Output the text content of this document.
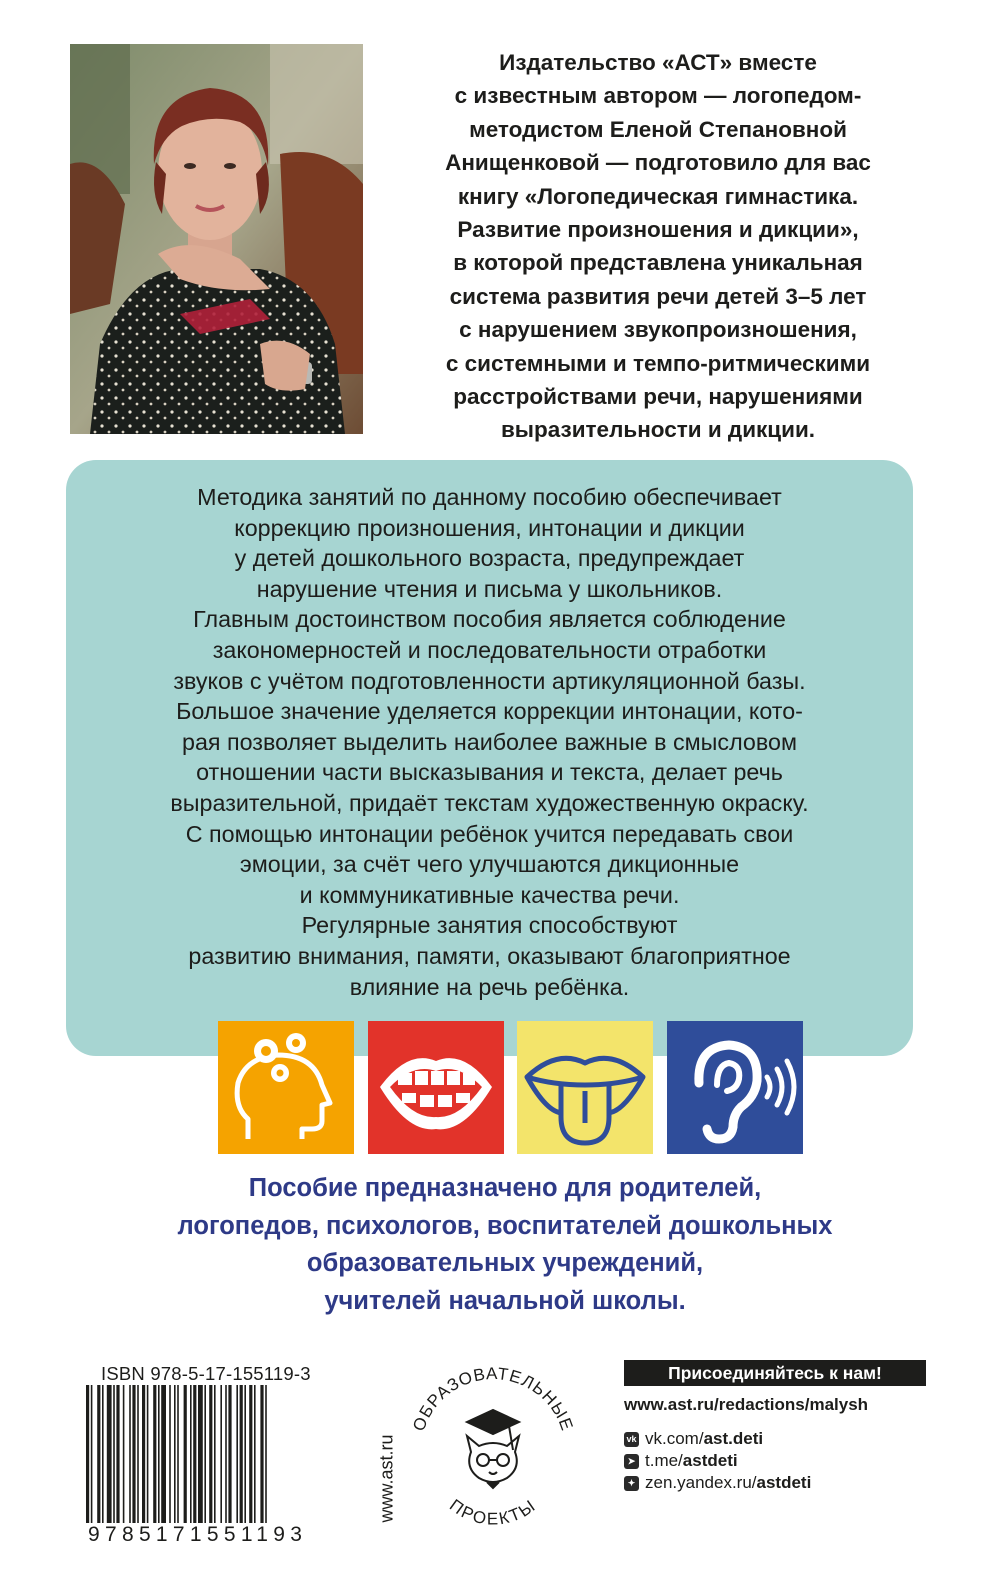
Издательство «АСТ» вместе
с известным автором — логопедом-
методистом Еленой Степановной
Анищенковой — подготовило для вас
книгу «Логопедическая гимнастика.
Развитие произношения и дикции»,
в которой представлена уникальная
система развития речи детей 3–5 лет
с нарушением звукопроизношения,
с системными и темпо-ритмическими
расстройствами речи, нарушениями
выразительности и дикции.
Методика занятий по данному пособию обеспечивает
коррекцию произношения, интонации и дикции
у детей дошкольного возраста, предупреждает
нарушение чтения и письма у школьников.
Главным достоинством пособия является соблюдение
закономерностей и последовательности отработки
звуков с учётом подготовленности артикуляционной базы.
Большое значение уделяется коррекции интонации, кото-
рая позволяет выделить наиболее важные в смысловом
отношении части высказывания и текста, делает речь
выразительной, придаёт текстам художественную окраску.
С помощью интонации ребёнок учится передавать свои
эмоции, за счёт чего улучшаются дикционные
и коммуникативные качества речи.
Регулярные занятия способствуют
развитию внимания, памяти, оказывают благоприятное
влияние на речь ребёнка.
Пособие предназначено для родителей,
логопедов, психологов, воспитателей дошкольных
образовательных учреждений,
учителей начальной школы.
ISBN 978-5-17-155119-3
9785171551193
www.ast.ru
ОБРАЗОВАТЕЛЬНЫЕ
ПРОЕКТЫ
Присоединяйтесь к нам!
www.ast.ru/redactions/malysh
vk vk.com/ ast.deti
➤ t.me/ astdeti
✦ zen.yandex.ru/ astdeti
